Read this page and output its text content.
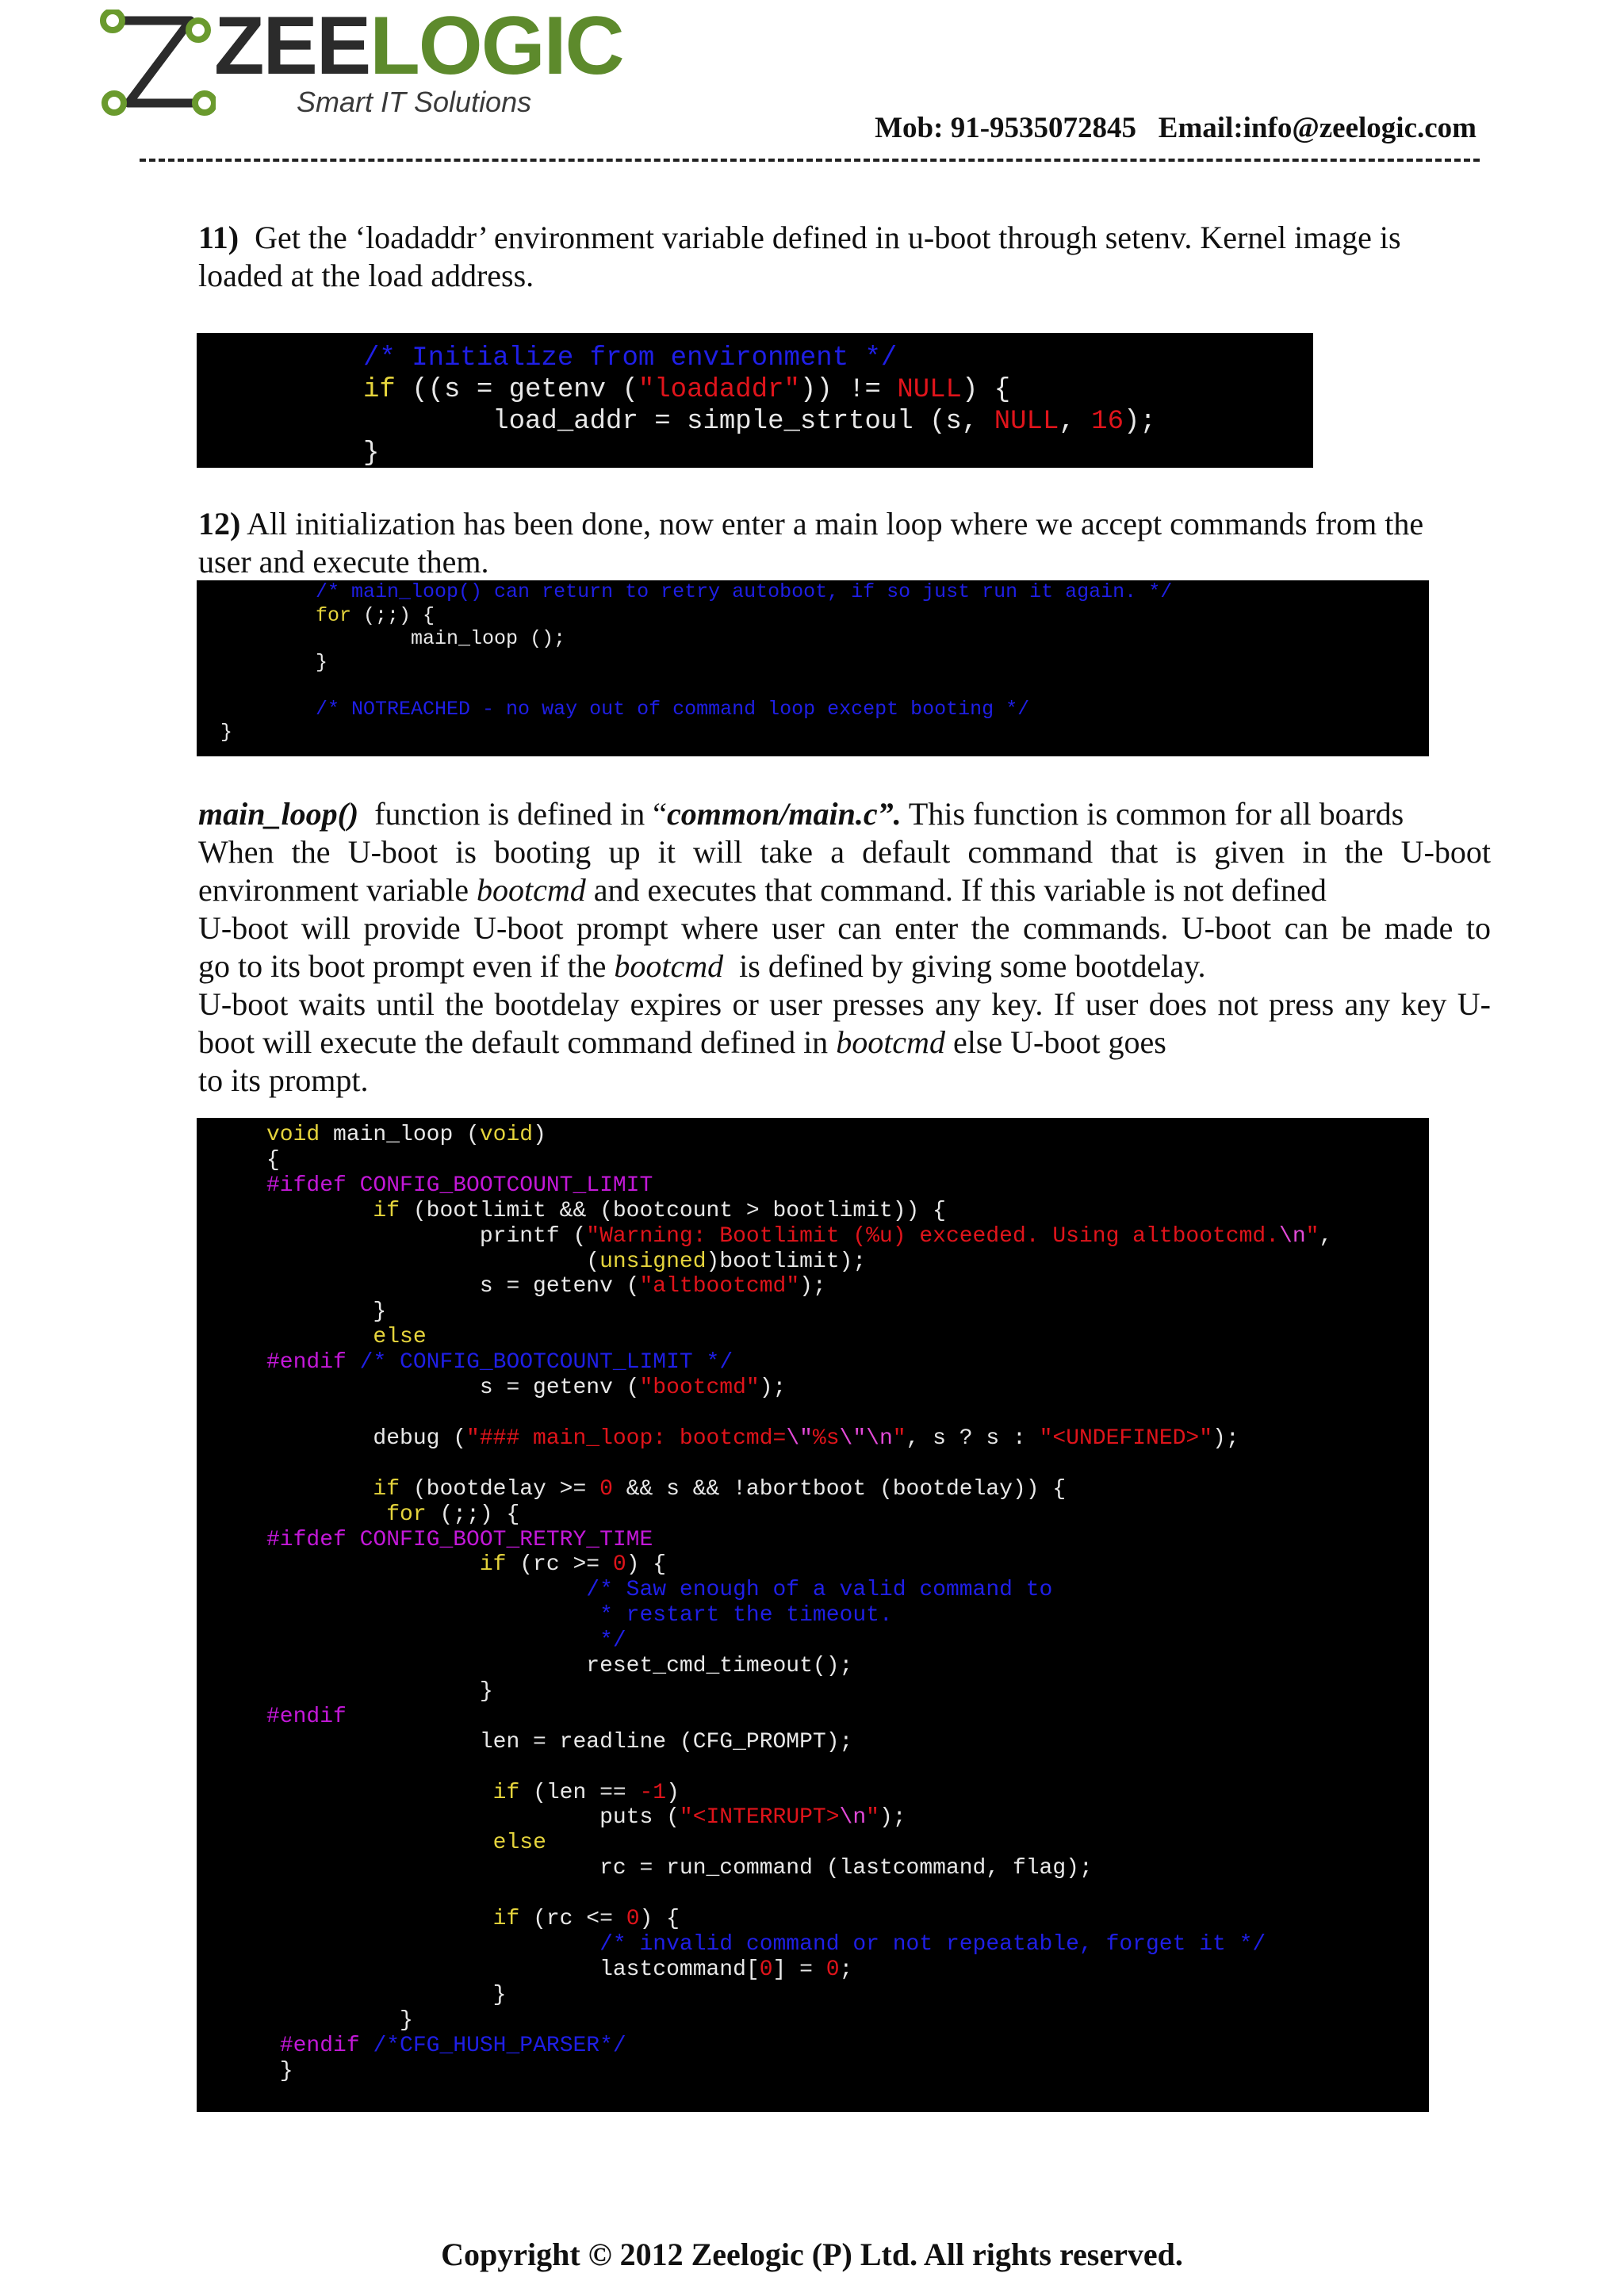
ZEELOGIC
Smart IT Solutions
Mob: 91-9535072845   Email:info@zeelogic.com
11) Get the ‘loadaddr’ environment variable defined in u-boot through setenv. Kernel image is
loaded at the load address.
/* Initialize from environment */
if ((s = getenv ("loadaddr")) != NULL) {
load_addr = simple_strtoul (s, NULL, 16);
}
12) All initialization has been done, now enter a main loop where we accept commands from the
user and execute them.
/* main_loop() can return to retry autoboot, if so just run it again. */
for (;;) {
main_loop ();
}

/* NOTREACHED - no way out of command loop except booting */
}
main_loop() function is defined in “common/main.c”. This function is common for all boards
When the U-boot is booting up it will take a default command that is given in the U-boot
environment variable bootcmd and executes that command. If this variable is not defined
U-boot will provide U-boot prompt where user can enter the commands. U-boot can be made to
go to its boot prompt even if the bootcmd is defined by giving some bootdelay.
U-boot waits until the bootdelay expires or user presses any key. If user does not press any key U-
boot will execute the default command defined in bootcmd else U-boot goes
to its prompt.
void main_loop (void)
{
#ifdef CONFIG_BOOTCOUNT_LIMIT
if (bootlimit && (bootcount > bootlimit)) {
printf ("Warning: Bootlimit (%u) exceeded. Using altbootcmd.\n",
(unsigned)bootlimit);
s = getenv ("altbootcmd");
}
else
#endif /* CONFIG_BOOTCOUNT_LIMIT */
s = getenv ("bootcmd");

debug ("### main_loop: bootcmd=\"%s\"\n", s ? s : "<UNDEFINED>");

if (bootdelay >= 0 && s && !abortboot (bootdelay)) {
for (;;) {
#ifdef CONFIG_BOOT_RETRY_TIME
if (rc >= 0) {
/* Saw enough of a valid command to
* restart the timeout.
*/
reset_cmd_timeout();
}
#endif
len = readline (CFG_PROMPT);

if (len == -1)
puts ("<INTERRUPT>\n");
else
rc = run_command (lastcommand, flag);

if (rc <= 0) {
/* invalid command or not repeatable, forget it */
lastcommand[0] = 0;
}
}
#endif /*CFG_HUSH_PARSER*/
}
Copyright © 2012 Zeelogic (P) Ltd. All rights reserved.
